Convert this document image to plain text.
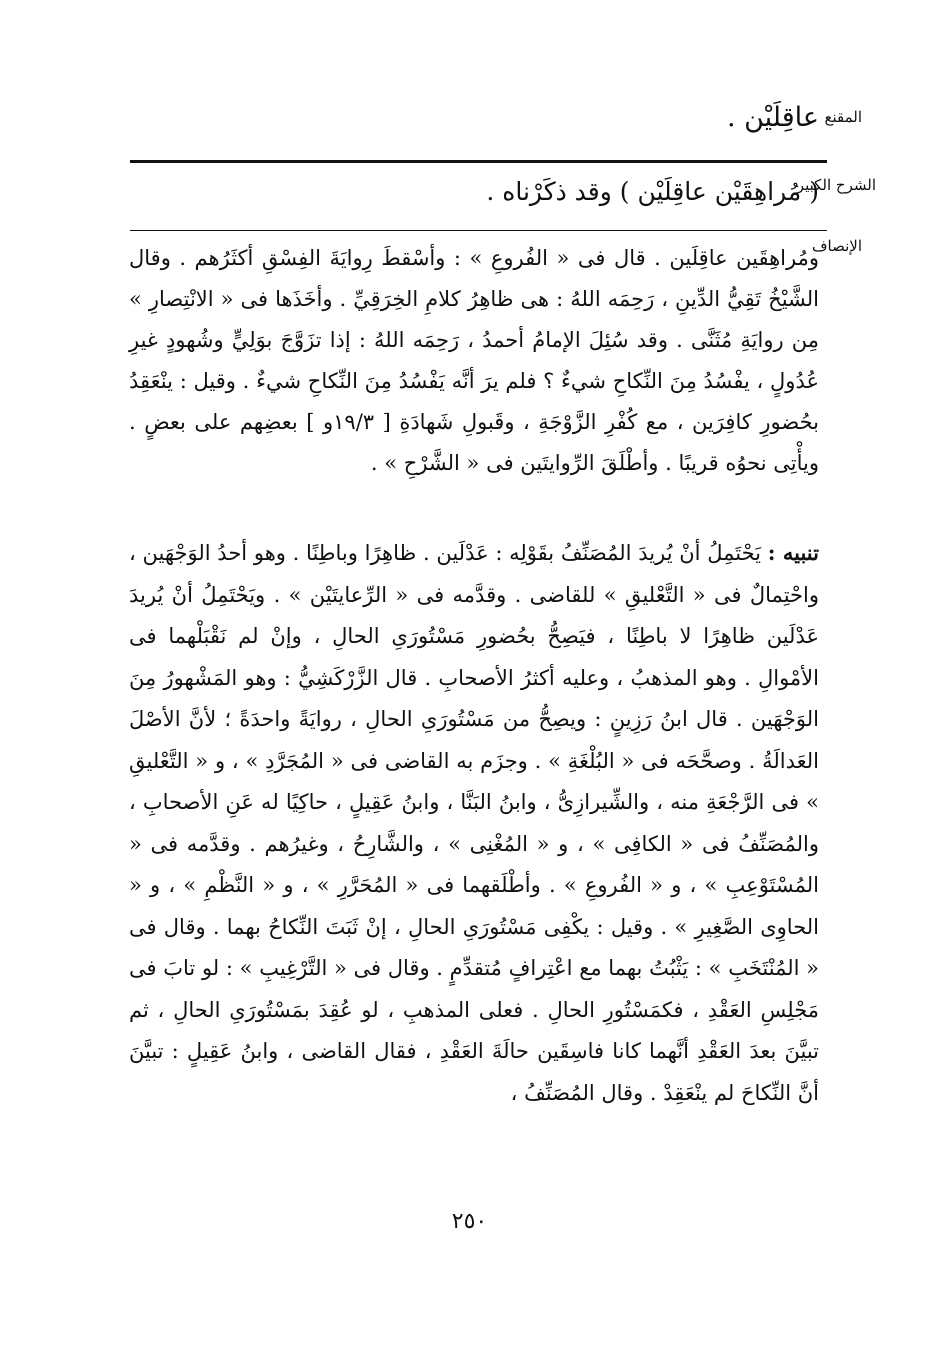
المقنع
عاقِلَيْن .
الشرح الكبير
( مُراهِقَيْن عاقِلَيْن ) وقد ذكَرْناه .
الإنصاف
ومُراهِقَين عاقِلَين . قال فى « الفُروعِ » : وأسْقطَ رِوايَةَ الفِسْقِ أكثَرُهم . وقال الشَّيْخُ تَقِيُّ الدِّينِ ، رَحِمَه اللهُ : هى ظاهِرُ كلامِ الخِرَقِيِّ . وأخَذَها فى « الانْتِصارِ » مِن روايَةِ مُثَنَّى . وقد سُئِلَ الإمامُ أحمدُ ، رَحِمَه اللهُ : إذا تزَوَّجَ بوَلِيٍّ وشُهودٍ غيرِ عُدُولٍ ، يفْسُدُ مِنَ النِّكاحِ شيءٌ ؟ فلم يرَ أنَّه يَفْسُدُ مِنَ النِّكاحِ شيءٌ . وقيل : ينْعَقِدُ بحُضورِ كافِرَين ، مع كُفْرِ الزَّوْجَةِ ، وقَبولِ شَهادَةِ [ ١٩/٣و ] بعضِهم على بعضٍ . ويأْتِى نحوُه قريبًا . وأطْلَقَ الرِّوايتَين فى « الشَّرْحِ » .
تنبيه : يَحْتَمِلُ أنْ يُريدَ المُصَنِّفُ بقَوْلِه : عَدْلَين . ظاهِرًا وباطِنًا . وهو أحدُ الوَجْهَين ، واحْتِمالٌ فى « التَّعْليقِ » للقاضى . وقدَّمه فى « الرِّعايتَيْن » . ويَحْتَمِلُ أنْ يُريدَ عَدْلَين ظاهِرًا لا باطِنًا ، فيَصِحُّ بحُضورِ مَسْتُورَىِ الحالِ ، وإنْ لم نَقْبَلْهما فى الأمْوالِ . وهو المذهبُ ، وعليه أكثرُ الأصحابِ . قال الزَّرْكَشِيُّ : وهو المَشْهورُ مِنَ الوَجْهَين . قال ابنُ رَزِينٍ : ويصِحُّ من مَسْتُورَىِ الحالِ ، روايَةً واحدَةً ؛ لأنَّ الأصْلَ العَدالَةُ . وصحَّحَه فى « البُلْغَةِ » . وجزَم به القاضى فى « المُجَرَّدِ » ، و « التَّعْليقِ » فى الرَّجْعَةِ منه ، والشِّيرازِىُّ ، وابنُ البَنَّا ، وابنُ عَقِيلٍ ، حاكِيًا له عَنِ الأصحابِ ، والمُصَنِّفُ فى « الكافِى » ، و « المُغْنِى » ، والشَّارِحُ ، وغيرُهم . وقدَّمه فى « المُسْتَوْعِبِ » ، و « الفُروعِ » . وأطْلَقهما فى « المُحَرَّرِ » ، و « النَّظْمِ » ، و « الحاوِى الصَّغِيرِ » . وقيل : يكْفِى مَسْتُورَىِ الحالِ ، إنْ ثَبَتَ النِّكاحُ بهما . وقال فى « المُنْتَخَبِ » : يَثْبُتُ بهما مع اعْتِرافٍ مُتقدِّمٍ . وقال فى « التَّرْغِيبِ » : لو تابَ فى مَجْلِسِ العَقْدِ ، فكمَسْتُورِ الحالِ . فعلى المذهبِ ، لو عُقِدَ بمَسْتُورَىِ الحالِ ، ثم تبيَّنَ بعدَ العَقْدِ أنَّهما كانا فاسِقَين حالَةَ العَقْدِ ، فقال القاضى ، وابنُ عَقِيلٍ : تبيَّنَ أنَّ النِّكاحَ لم ينْعَقِدْ . وقال المُصَنِّفُ ،
٢٥٠
